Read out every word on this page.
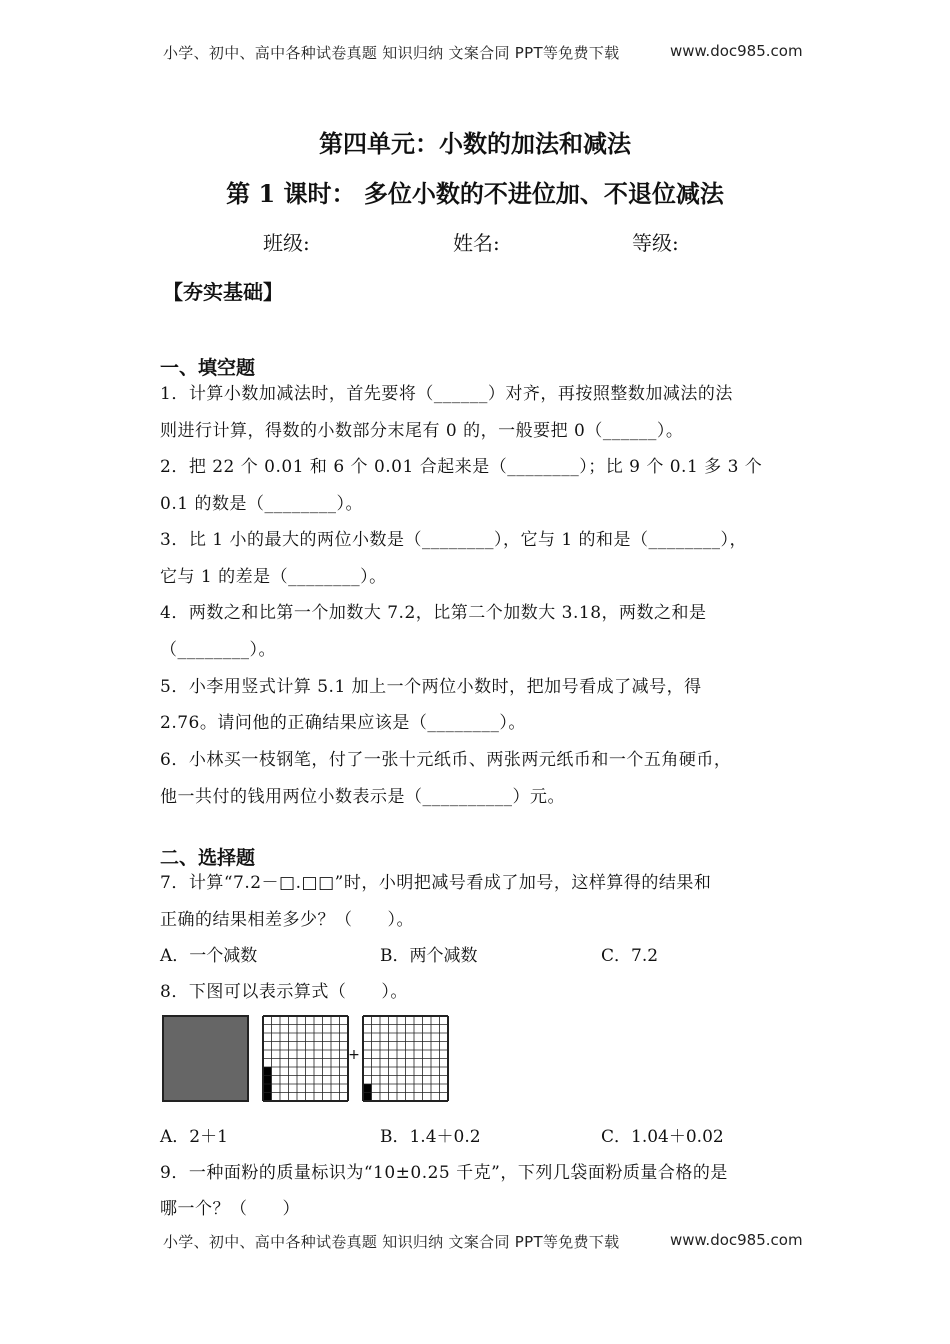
小学、初中、高中各种试卷真题 知识归纳 文案合同 PPT等免费下载	www.doc985.com
第四单元：小数的加法和减法
第 1 课时： 多位小数的不进位加、不退位减法
班级:	姓名:	等级:
【夯实基础】
一、填空题
1．计算小数加减法时，首先要将（______）对齐，再按照整数加减法的法
则进行计算，得数的小数部分末尾有 0 的，一般要把 0（______）。
2．把 22 个 0.01 和 6 个 0.01 合起来是（________）；比 9 个 0.1 多 3 个
0.1 的数是（________）。
3．比 1 小的最大的两位小数是（________），它与 1 的和是（________），
它与 1 的差是（________）。
4．两数之和比第一个加数大 7.2，比第二个加数大 3.18，两数之和是
（________）。
5．小李用竖式计算 5.1 加上一个两位小数时，把加号看成了减号，得
2.76。请问他的正确结果应该是（________）。
6．小林买一枝钢笔，付了一张十元纸币、两张两元纸币和一个五角硬币，
他一共付的钱用两位小数表示是（__________）元。
二、选择题
7．计算“7.2－□.□□”时，小明把减号看成了加号，这样算得的结果和
正确的结果相差多少？（　　）。
A．一个减数	B．两个减数	C．7.2
8．下图可以表示算式（　　）。
+
A．2＋1	B．1.4＋0.2	C．1.04＋0.02
9．一种面粉的质量标识为“10±0.25 千克”，下列几袋面粉质量合格的是
哪一个？（　　）
小学、初中、高中各种试卷真题 知识归纳 文案合同 PPT等免费下载	www.doc985.com
